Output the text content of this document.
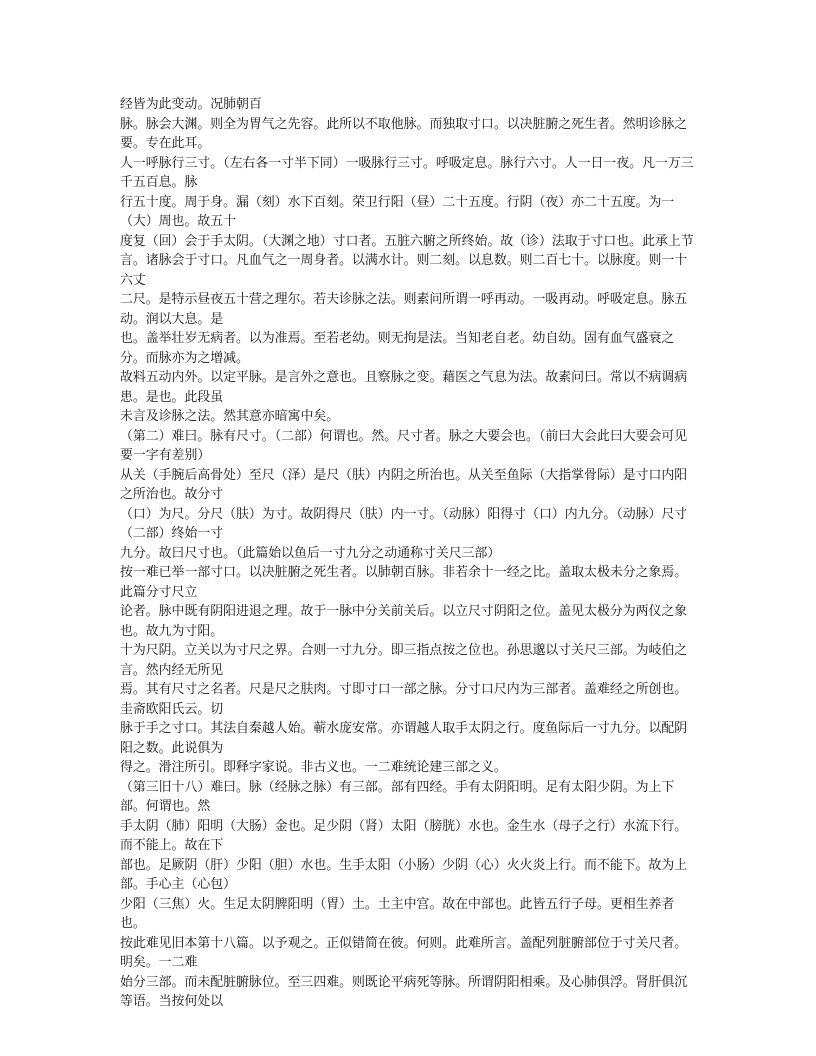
经皆为此变动。况肺朝百

脉。脉会大渊。则全为胃气之先容。此所以不取他脉。而独取寸口。以决脏腑之死生者。然明诊脉之要。专在此耳。

人一呼脉行三寸。（左右各一寸半下同）一吸脉行三寸。呼吸定息。脉行六寸。人一日一夜。凡一万三千五百息。脉

行五十度。周于身。漏（刻）水下百刻。荣卫行阳（昼）二十五度。行阴（夜）亦二十五度。为一（大）周也。故五十

度复（回）会于手太阴。（大渊之地）寸口者。五脏六腑之所终始。故（诊）法取于寸口也。此承上节言。诸脉会于寸口。凡血气之一周身者。以满水计。则二刻。以息数。则二百七十。以脉度。则一十六丈

二尺。是特示昼夜五十营之理尔。若夫诊脉之法。则素问所谓一呼再动。一吸再动。呼吸定息。脉五动。润以大息。是

也。盖举壮岁无病者。以为准焉。至若老幼。则无拘是法。当知老自老。幼自幼。固有血气盛衰之分。而脉亦为之增减。

故料五动内外。以定平脉。是言外之意也。且察脉之变。藉医之气息为法。故素问曰。常以不病调病患。是也。此段虽

未言及诊脉之法。然其意亦暗寓中矣。

（第二）难曰。脉有尺寸。（二部）何谓也。然。尺寸者。脉之大要会也。（前曰大会此曰大要会可见要一字有差别）

从关（手腕后高骨处）至尺（泽）是尺（肤）内阴之所治也。从关至鱼际（大指掌骨际）是寸口内阳之所治也。故分寸

（口）为尺。分尺（肤）为寸。故阴得尺（肤）内一寸。（动脉）阳得寸（口）内九分。（动脉）尺寸（二部）终始一寸

九分。故曰尺寸也。（此篇始以鱼后一寸九分之动通称寸关尺三部）

按一难已举一部寸口。以决脏腑之死生者。以肺朝百脉。非若余十一经之比。盖取太极未分之象焉。此篇分寸尺立

论者。脉中既有阴阳进退之理。故于一脉中分关前关后。以立尺寸阴阳之位。盖见太极分为两仪之象也。故九为寸阳。

十为尺阴。立关以为寸尺之界。合则一寸九分。即三指点按之位也。孙思邈以寸关尺三部。为岐伯之言。然内经无所见

焉。其有尺寸之名者。尺是尺之肤肉。寸即寸口一部之脉。分寸口尺内为三部者。盖难经之所创也。圭斋欧阳氏云。切

脉于手之寸口。其法自秦越人始。蕲水庞安常。亦谓越人取手太阴之行。度鱼际后一寸九分。以配阴阳之数。此说俱为

得之。滑注所引。即释字家说。非古义也。一二难统论建三部之义。

（第三旧十八）难曰。脉（经脉之脉）有三部。部有四经。手有太阴阳明。足有太阳少阴。为上下部。何谓也。然

手太阴（肺）阳明（大肠）金也。足少阴（肾）太阳（膀胱）水也。金生水（母子之行）水流下行。而不能上。故在下

部也。足厥阴（肝）少阳（胆）水也。生手太阳（小肠）少阴（心）火火炎上行。而不能下。故为上部。手心主（心包）

少阳（三焦）火。生足太阴脾阳明（胃）土。土主中宫。故在中部也。此皆五行子母。更相生养者也。

按此难见旧本第十八篇。以予观之。正似错简在彼。何则。此难所言。盖配列脏腑部位于寸关尺者。明矣。一二难

始分三部。而未配脏腑脉位。至三四难。则既论平病死等脉。所谓阴阳相乘。及心肺俱浮。肾肝俱沉等语。当按何处以
